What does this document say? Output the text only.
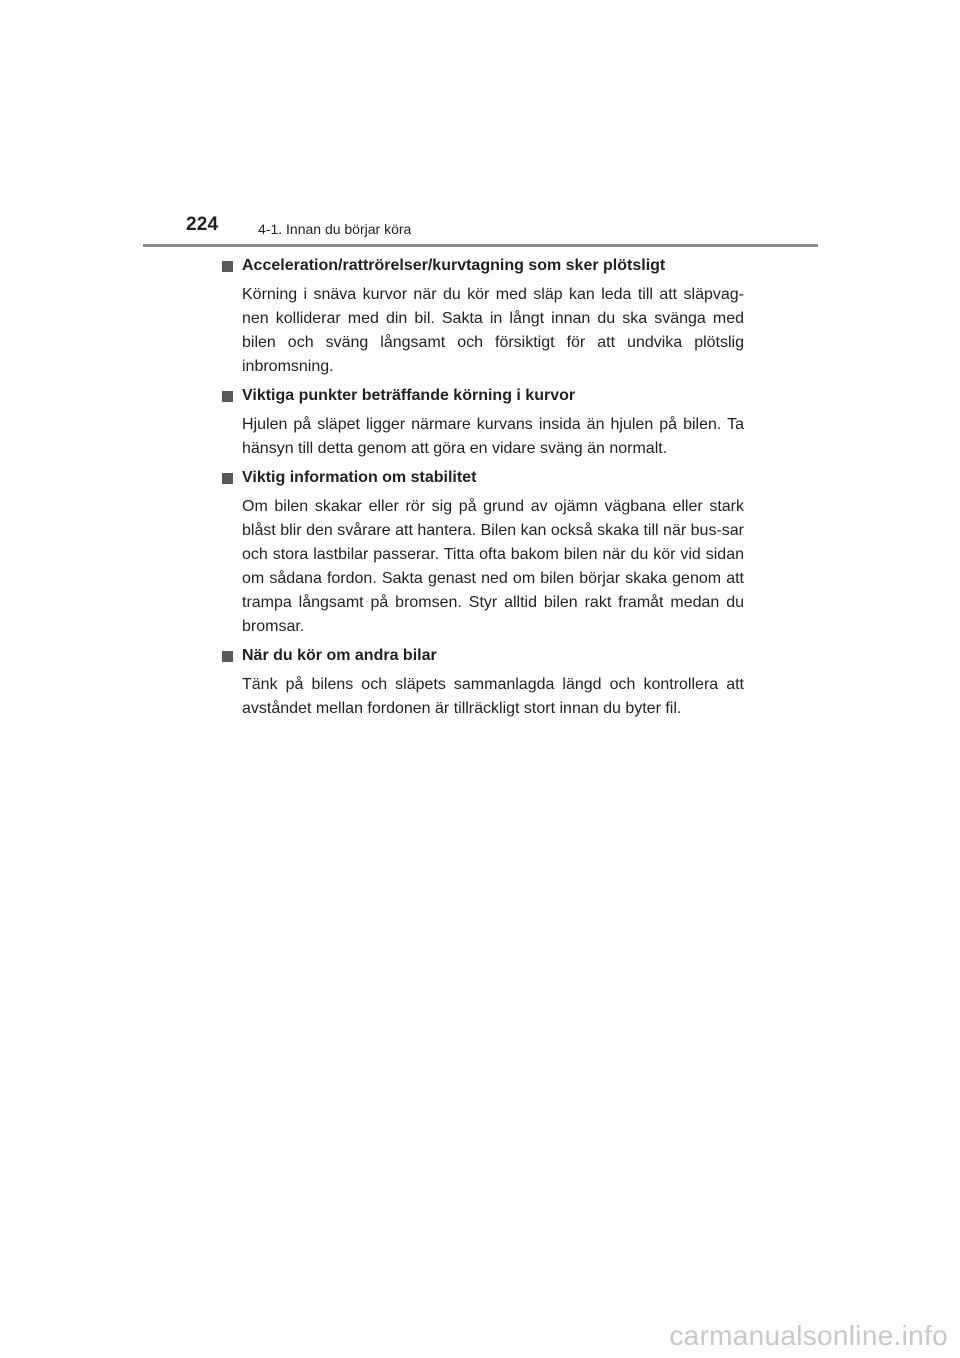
224	4-1. Innan du börjar köra
Acceleration/rattrörelser/kurvtagning som sker plötsligt
Körning i snäva kurvor när du kör med släp kan leda till att släpvag-nen kolliderar med din bil. Sakta in långt innan du ska svänga med bilen och sväng långsamt och försiktigt för att undvika plötslig inbromsning.
Viktiga punkter beträffande körning i kurvor
Hjulen på släpet ligger närmare kurvans insida än hjulen på bilen. Ta hänsyn till detta genom att göra en vidare sväng än normalt.
Viktig information om stabilitet
Om bilen skakar eller rör sig på grund av ojämn vägbana eller stark blåst blir den svårare att hantera. Bilen kan också skaka till när bus-sar och stora lastbilar passerar. Titta ofta bakom bilen när du kör vid sidan om sådana fordon. Sakta genast ned om bilen börjar skaka genom att trampa långsamt på bromsen. Styr alltid bilen rakt framåt medan du bromsar.
När du kör om andra bilar
Tänk på bilens och släpets sammanlagda längd och kontrollera att avståndet mellan fordonen är tillräckligt stort innan du byter fil.
carmanualsonline.info
